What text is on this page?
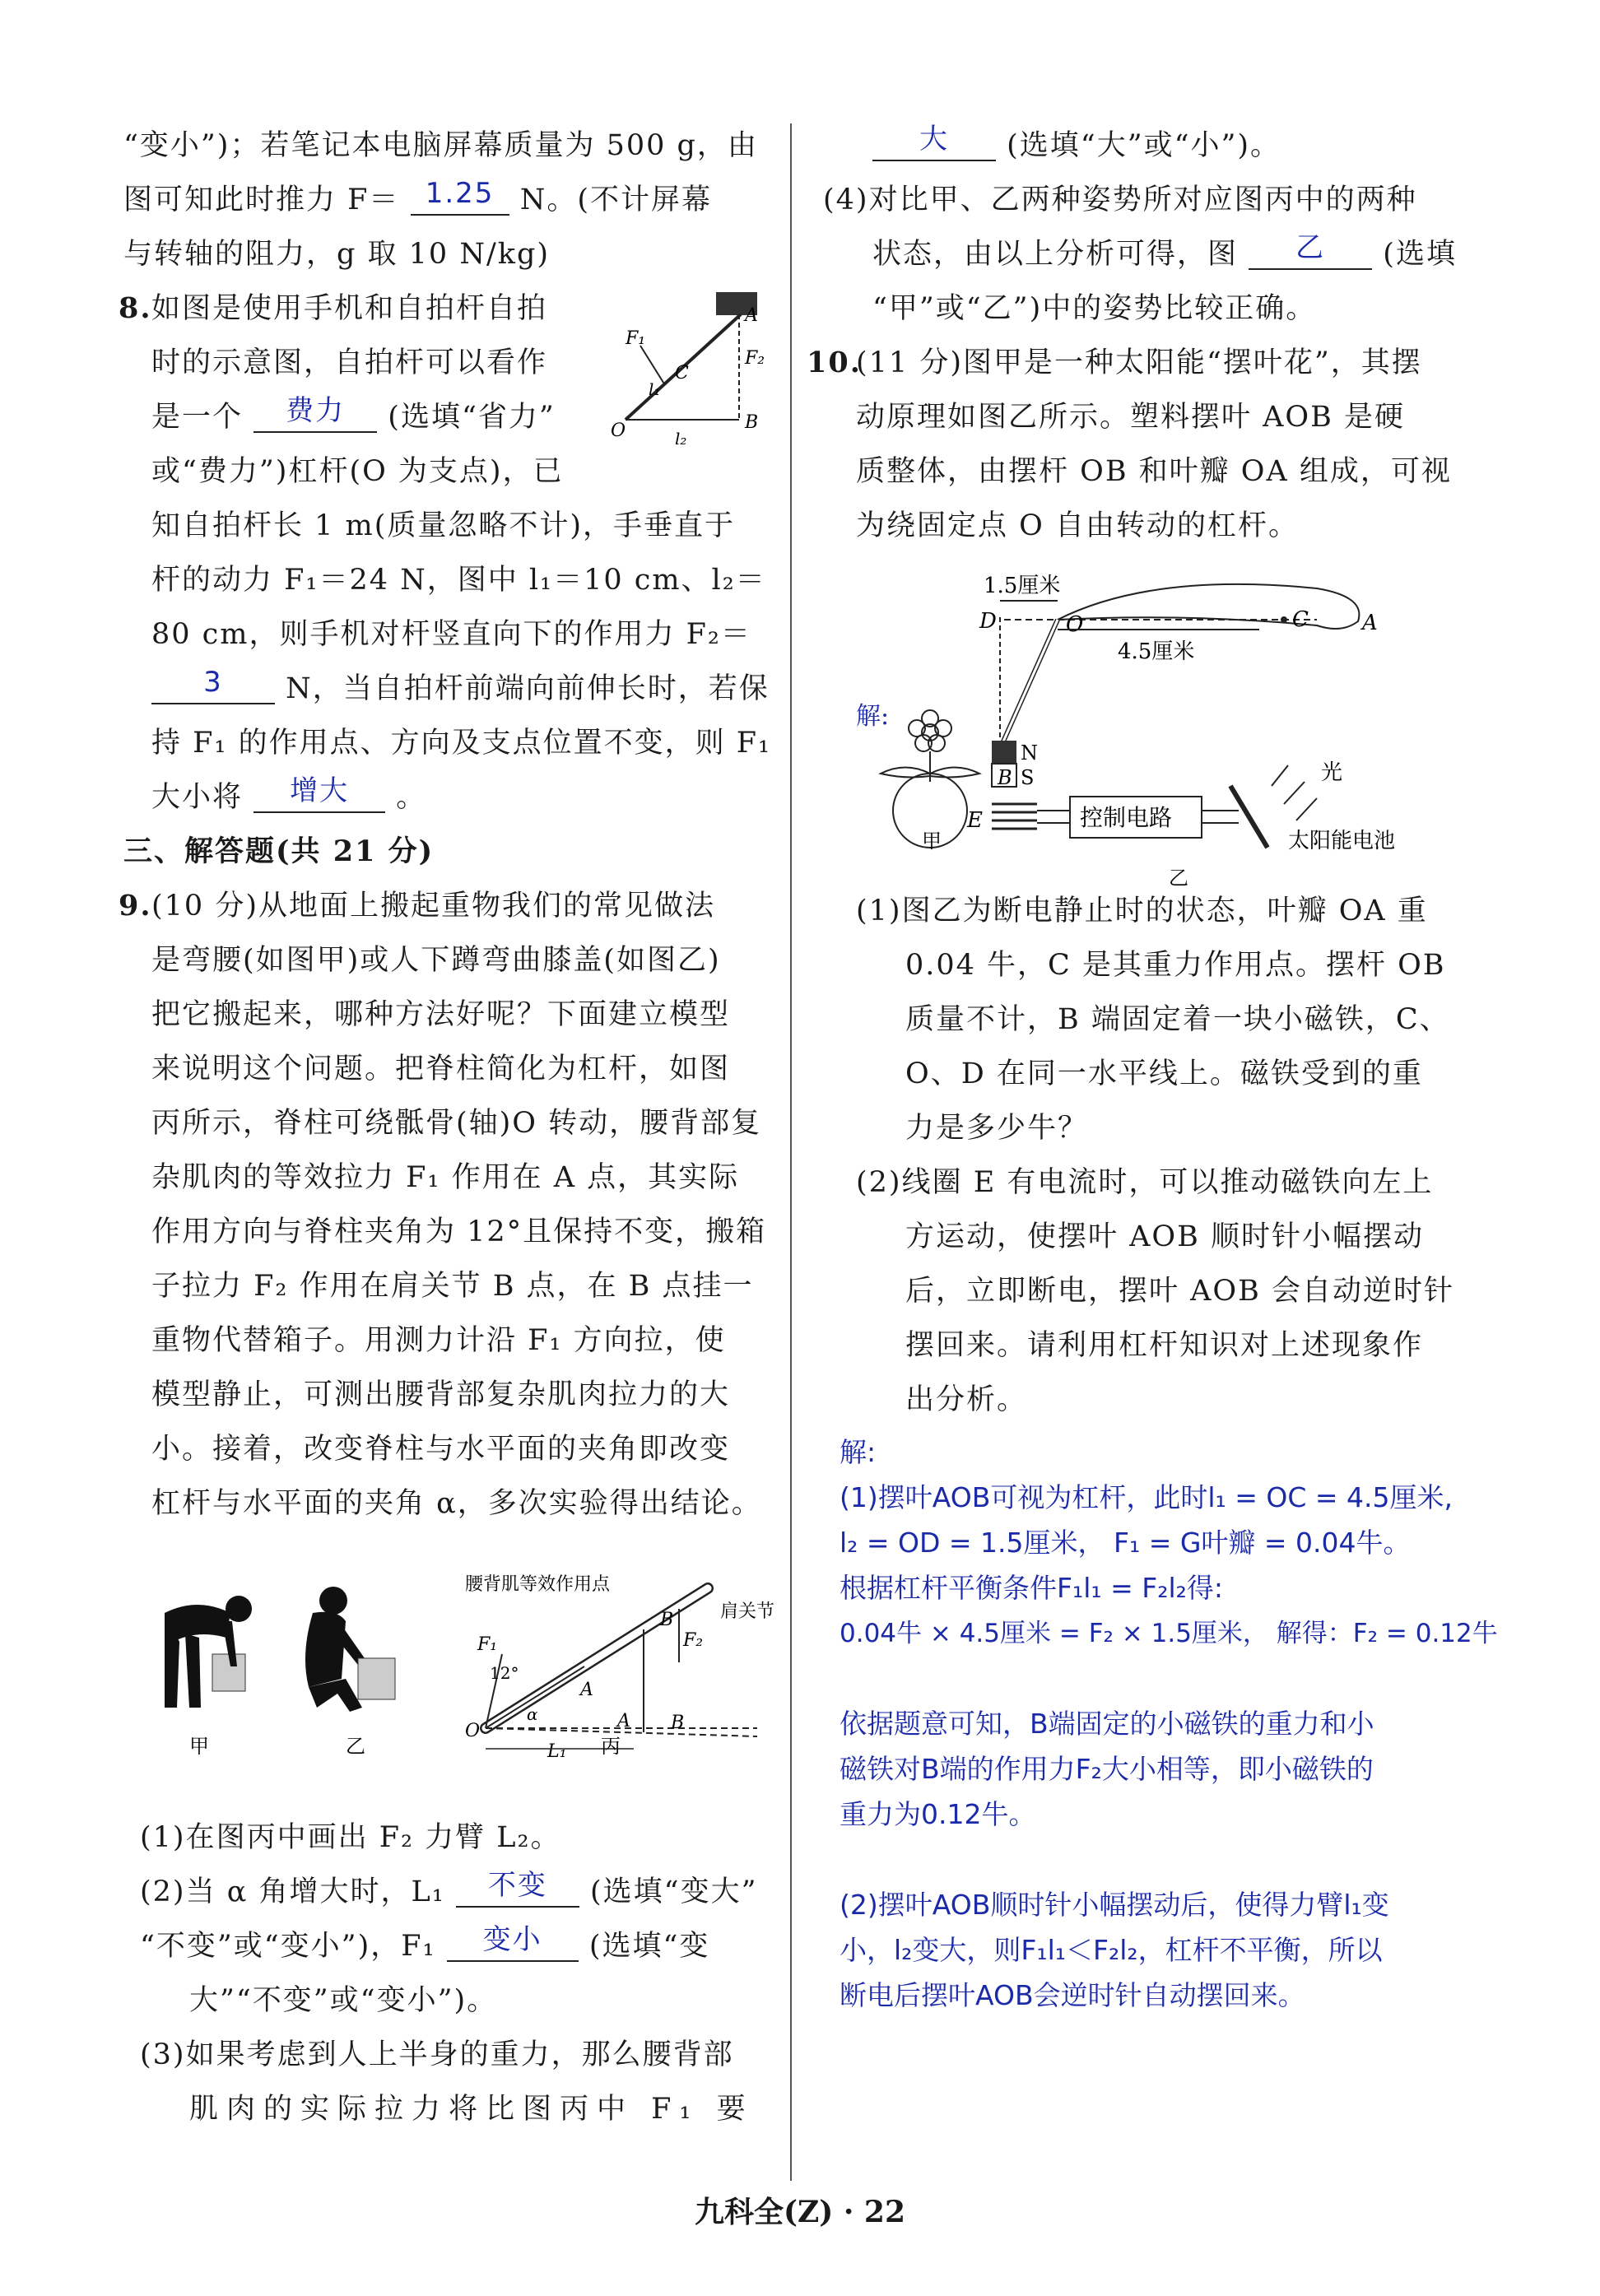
“变小”)；若笔记本电脑屏幕质量为 500 g，由
图可知此时推力 F＝ 1.25 N。(不计屏幕
与转轴的阻力，g 取 10 N/kg)
8. 如图是使用手机和自拍杆自拍
时的示意图，自拍杆可以看作
是一个 费力 (选填“省力”
或“费力”)杠杆(O 为支点)，已
知自拍杆长 1 m(质量忽略不计)，手垂直于
杆的动力 F₁＝24 N，图中 l₁＝10 cm、l₂＝
80 cm，则手机对杆竖直向下的作用力 F₂＝
3 N，当自拍杆前端向前伸长时，若保
持 F₁ 的作用点、方向及支点位置不变，则 F₁
大小将 增大 。
F₁
F₂
A
B
C
O
l₁
l₂
三、解答题(共 21 分)
9. (10 分)从地面上搬起重物我们的常见做法
是弯腰(如图甲)或人下蹲弯曲膝盖(如图乙)
把它搬起来，哪种方法好呢？下面建立模型
来说明这个问题。把脊柱简化为杠杆，如图
丙所示，脊柱可绕骶骨(轴)O 转动，腰背部复
杂肌肉的等效拉力 F₁ 作用在 A 点，其实际
作用方向与脊柱夹角为 12°且保持不变，搬箱
子拉力 F₂ 作用在肩关节 B 点，在 B 点挂一
重物代替箱子。用测力计沿 F₁ 方向拉，使
模型静止，可测出腰背部复杂肌肉拉力的大
小。接着，改变脊柱与水平面的夹角即改变
杠杆与水平面的夹角 α，多次实验得出结论。
甲	乙
腰背肌等效作用点
肩关节
F₁
12°
α
A
B
F₂
O	A B
L₁ 丙
(1)在图丙中画出 F₂ 力臂 L₂。
(2)当 α 角增大时，L₁ 不变 (选填“变大”
“不变”或“变小”)，F₁ 变小 (选填“变
大”“不变”或“变小”)。
(3)如果考虑到人上半身的重力，那么腰背部
肌肉的实际拉力将比图丙中 F₁ 要
大 (选填“大”或“小”)。
(4)对比甲、乙两种姿势所对应图丙中的两种
状态，由以上分析可得，图 乙 (选填
“甲”或“乙”)中的姿势比较正确。
10.
(11 分)图甲是一种太阳能“摆叶花”，其摆
动原理如图乙所示。塑料摆叶 AOB 是硬
质整体，由摆杆 OB 和叶瓣 OA 组成，可视
为绕固定点 O 自由转动的杠杆。
解:
甲
1.5厘米
D	O	C	A
4.5厘米
B
N
S
E	控制电路
光
太阳能电池
乙
(1)图乙为断电静止时的状态，叶瓣 OA 重
0.04 牛，C 是其重力作用点。摆杆 OB
质量不计，B 端固定着一块小磁铁，C、
O、D 在同一水平线上。磁铁受到的重
力是多少牛？
(2)线圈 E 有电流时，可以推动磁铁向左上
方运动，使摆叶 AOB 顺时针小幅摆动
后，立即断电，摆叶 AOB 会自动逆时针
摆回来。请利用杠杆知识对上述现象作
出分析。
解:
(1)摆叶AOB可视为杠杆，此时l₁ = OC = 4.5厘米,
l₂ = OD = 1.5厘米， F₁ = G叶瓣 = 0.04牛。
根据杠杆平衡条件F₁l₁ = F₂l₂得:
0.04牛 × 4.5厘米 = F₂ × 1.5厘米， 解得：F₂ = 0.12牛
依据题意可知，B端固定的小磁铁的重力和小
磁铁对B端的作用力F₂大小相等，即小磁铁的
重力为0.12牛。
(2)摆叶AOB顺时针小幅摆动后，使得力臂l₁变
小，l₂变大，则F₁l₁＜F₂l₂，杠杆不平衡，所以
断电后摆叶AOB会逆时针自动摆回来。
九科全(Z) · 22
